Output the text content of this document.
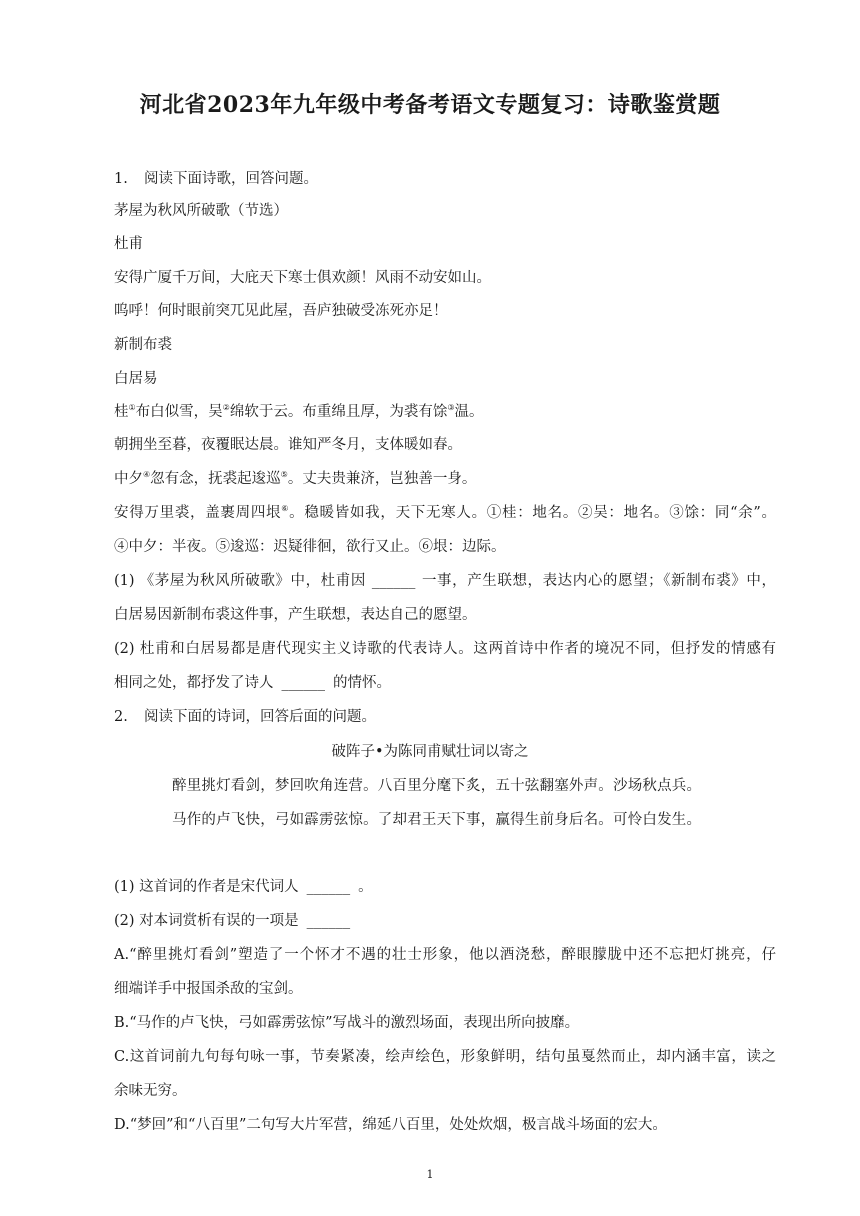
河北省2023年九年级中考备考语文专题复习：诗歌鉴赏题
1. 阅读下面诗歌，回答问题。
茅屋为秋风所破歌（节选）
杜甫
安得广厦千万间，大庇天下寒士俱欢颜！风雨不动安如山。
呜呼！何时眼前突兀见此屋，吾庐独破受冻死亦足！
新制布裘
白居易
桂①布白似雪，吴②绵软于云。布重绵且厚，为裘有馀③温。
朝拥坐至暮，夜覆眠达晨。谁知严冬月，支体暖如春。
中夕④忽有念，抚裘起逡巡⑤。丈夫贵兼济，岂独善一身。
安得万里裘，盖裹周四垠⑥。稳暖皆如我，天下无寒人。①桂：地名。②吴：地名。③馀：同“余”。
④中夕：半夜。⑤逡巡：迟疑徘徊，欲行又止。⑥垠：边际。
(1) 《茅屋为秋风所破歌》中，杜甫因 ______ 一事，产生联想，表达内心的愿望；《新制布裘》中，
白居易因新制布裘这件事，产生联想，表达自己的愿望。
(2) 杜甫和白居易都是唐代现实主义诗歌的代表诗人。这两首诗中作者的境况不同，但抒发的情感有
相同之处，都抒发了诗人 ______ 的情怀。
2. 阅读下面的诗词，回答后面的问题。
破阵子•为陈同甫赋壮词以寄之
醉里挑灯看剑，梦回吹角连营。八百里分麾下炙，五十弦翻塞外声。沙场秋点兵。
马作的卢飞快，弓如霹雳弦惊。了却君王天下事，赢得生前身后名。可怜白发生。
(1) 这首词的作者是宋代词人 ______ 。
(2) 对本词赏析有误的一项是 ______
A.“醉里挑灯看剑”塑造了一个怀才不遇的壮士形象，他以酒浇愁，醉眼朦胧中还不忘把灯挑亮，仔
细端详手中报国杀敌的宝剑。
B.“马作的卢飞快，弓如霹雳弦惊”写战斗的激烈场面，表现出所向披靡。
C.这首词前九句每句咏一事，节奏紧凑，绘声绘色，形象鲜明，结句虽戛然而止，却内涵丰富，读之
余味无穷。
D.“梦回”和“八百里”二句写大片军营，绵延八百里，处处炊烟，极言战斗场面的宏大。
1
